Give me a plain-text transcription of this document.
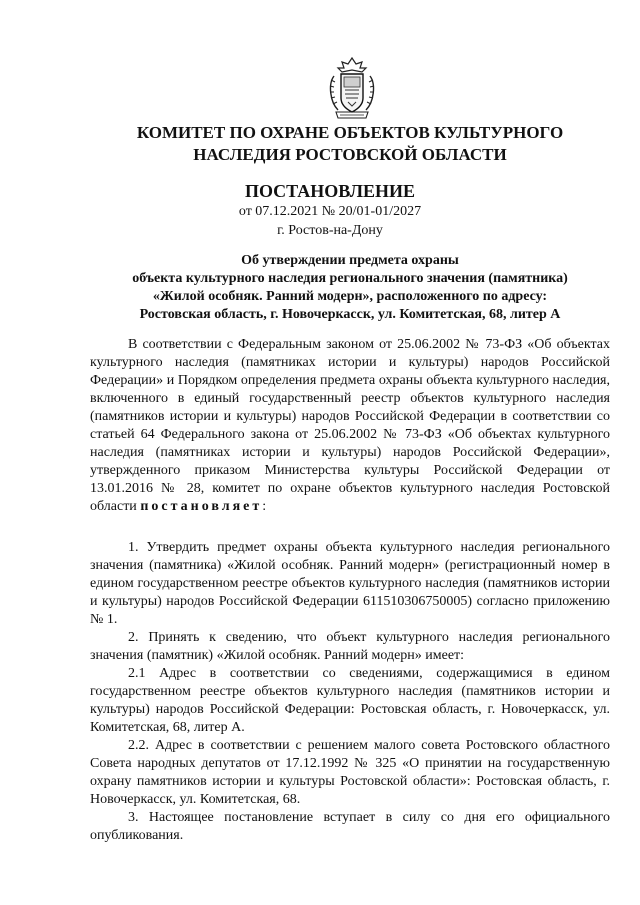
КОМИТЕТ ПО ОХРАНЕ ОБЪЕКТОВ КУЛЬТУРНОГО
НАСЛЕДИЯ РОСТОВСКОЙ ОБЛАСТИ
ПОСТАНОВЛЕНИЕ
от 07.12.2021 № 20/01-01/2027
г. Ростов-на-Дону
Об утверждении предмета охраны
объекта культурного наследия регионального значения (памятника)
«Жилой особняк. Ранний модерн», расположенного по адресу:
Ростовская область, г. Новочеркасск, ул. Комитетская, 68, литер А

В соответствии с Федеральным законом от 25.06.2002 № 73-ФЗ «Об объектах культурного наследия (памятниках истории и культуры) народов Российской Федерации» и Порядком определения предмета охраны объекта культурного наследия, включенного в единый государственный реестр объектов культурного наследия (памятников истории и культуры) народов Российской Федерации в соответствии со статьей 64 Федерального закона от 25.06.2002 № 73-ФЗ «Об объектах культурного наследия (памятниках истории и культуры) народов Российской Федерации», утвержденного приказом Министерства культуры Российской Федерации от 13.01.2016 № 28, комитет по охране объектов культурного наследия Ростовской области постановляет:

1. Утвердить предмет охраны объекта культурного наследия регионального значения (памятника) «Жилой особняк. Ранний модерн» (регистрационный номер в едином государственном реестре объектов культурного наследия (памятников истории и культуры) народов Российской Федерации 611510306750005) согласно приложению № 1.

2. Принять к сведению, что объект культурного наследия регионального значения (памятник) «Жилой особняк. Ранний модерн» имеет:

2.1 Адрес в соответствии со сведениями, содержащимися в едином государственном реестре объектов культурного наследия (памятников истории и культуры) народов Российской Федерации: Ростовская область, г. Новочеркасск, ул. Комитетская, 68, литер А.

2.2. Адрес в соответствии с решением малого совета Ростовского областного Совета народных депутатов от 17.12.1992 № 325 «О принятии на государственную охрану памятников истории и культуры Ростовской области»: Ростовская область, г. Новочеркасск, ул. Комитетская, 68.

3. Настоящее постановление вступает в силу со дня его официального опубликования.
